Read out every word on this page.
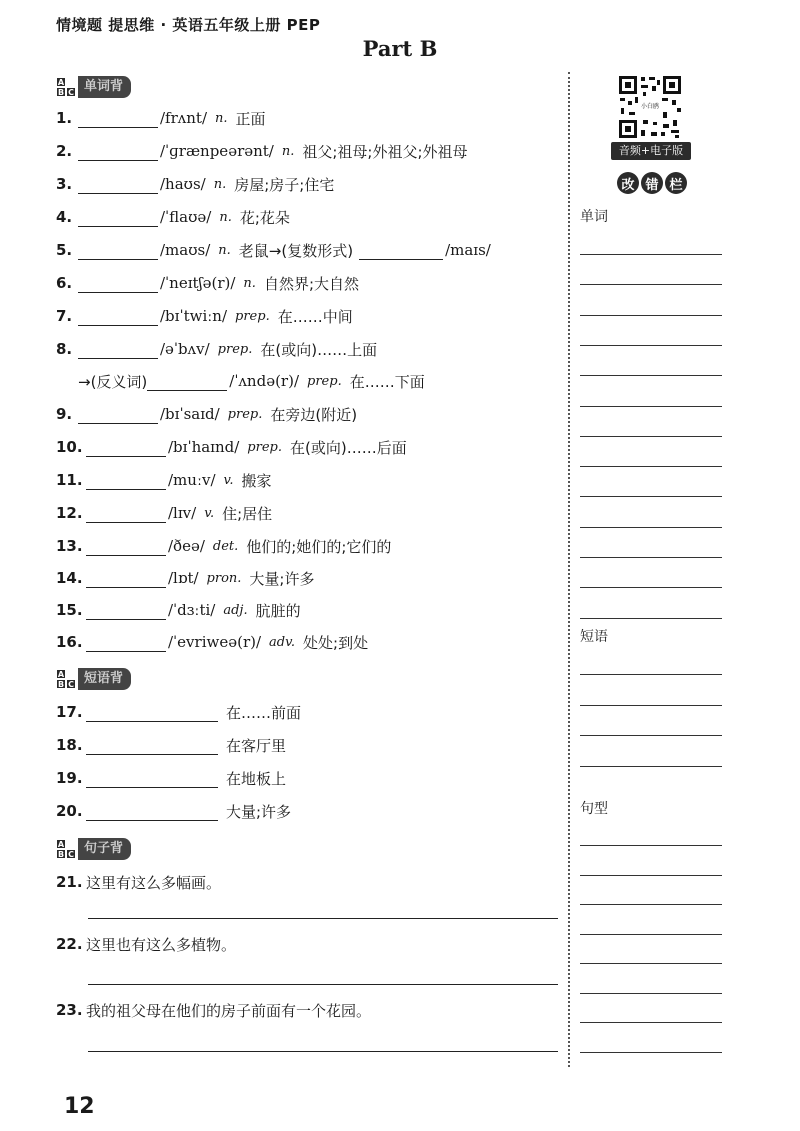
情境题 提思维 · 英语五年级上册 PEP
Part B
A
B C 单词背
1.	/frʌnt/ n. 正面
2.	/ˈɡrænpeərənt/ n. 祖父;祖母;外祖父;外祖母
3.	/haʊs/ n. 房屋;房子;住宅
4.	/ˈflaʊə/ n. 花;花朵
5.	/maʊs/ n. 老鼠→(复数形式)	/maɪs/
6.	/ˈneɪtʃə(r)/ n. 自然界;大自然
7.	/bɪˈtwiːn/ prep. 在……中间
8.	/əˈbʌv/ prep. 在(或向)……上面
→(反义词)	/ˈʌndə(r)/ prep. 在……下面
9.	/bɪˈsaɪd/ prep. 在旁边(附近)
10.	/bɪˈhaɪnd/ prep. 在(或向)……后面
11.	/muːv/ v. 搬家
12.	/lɪv/ v. 住;居住
13.	/ðeə/ det. 他们的;她们的;它们的
14.	/lɒt/ pron. 大量;许多
15.	/ˈdɜːti/ adj. 肮脏的
16.	/ˈevriweə(r)/ adv. 处处;到处
A
B C 短语背
17.	在……前面
18.	在客厅里
19.	在地板上
20.	大量;许多
A
B C 句子背
21. 这里有这么多幅画。
22. 这里也有这么多植物。
23. 我的祖父母在他们的房子前面有一个花园。
小白鸥
音频+电子版
改 错 栏
单词
短语
句型
12
